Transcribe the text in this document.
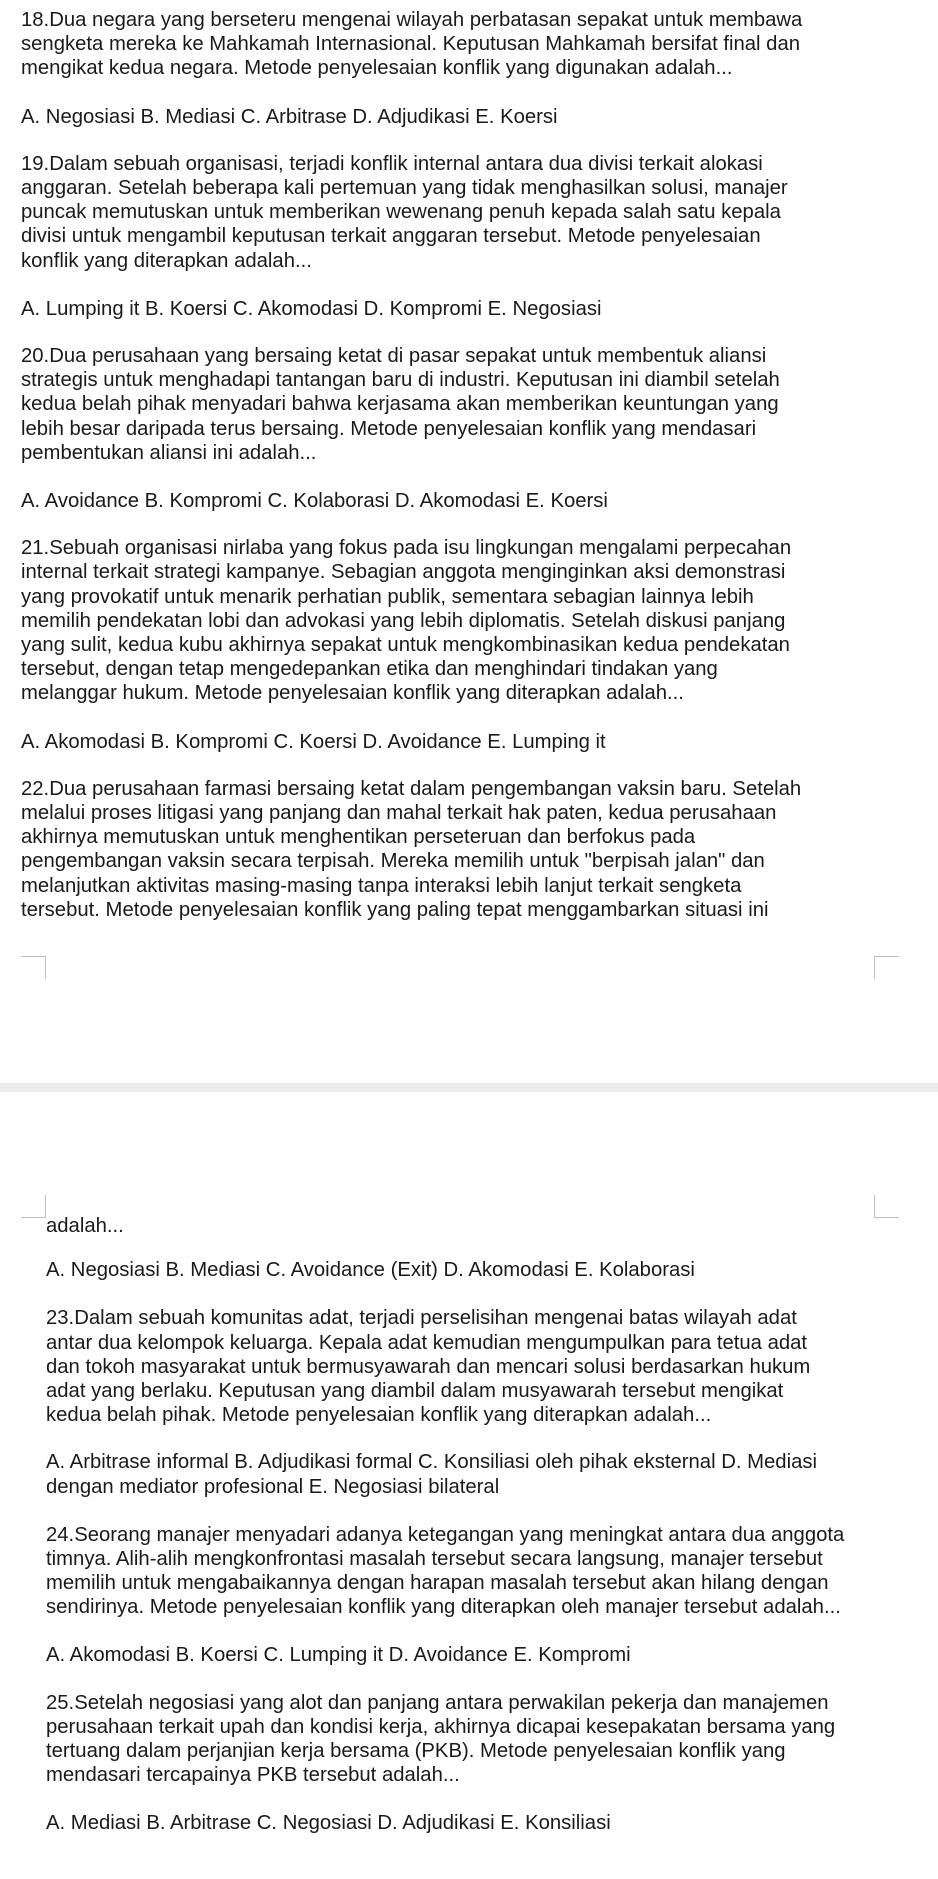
18.Dua negara yang berseteru mengenai wilayah perbatasan sepakat untuk membawa
sengketa mereka ke Mahkamah Internasional. Keputusan Mahkamah bersifat final dan
mengikat kedua negara. Metode penyelesaian konflik yang digunakan adalah...

A. Negosiasi B. Mediasi C. Arbitrase D. Adjudikasi E. Koersi

19.Dalam sebuah organisasi, terjadi konflik internal antara dua divisi terkait alokasi
anggaran. Setelah beberapa kali pertemuan yang tidak menghasilkan solusi, manajer
puncak memutuskan untuk memberikan wewenang penuh kepada salah satu kepala
divisi untuk mengambil keputusan terkait anggaran tersebut. Metode penyelesaian
konflik yang diterapkan adalah...

A. Lumping it B. Koersi C. Akomodasi D. Kompromi E. Negosiasi

20.Dua perusahaan yang bersaing ketat di pasar sepakat untuk membentuk aliansi
strategis untuk menghadapi tantangan baru di industri. Keputusan ini diambil setelah
kedua belah pihak menyadari bahwa kerjasama akan memberikan keuntungan yang
lebih besar daripada terus bersaing. Metode penyelesaian konflik yang mendasari
pembentukan aliansi ini adalah...

A. Avoidance B. Kompromi C. Kolaborasi D. Akomodasi E. Koersi

21.Sebuah organisasi nirlaba yang fokus pada isu lingkungan mengalami perpecahan
internal terkait strategi kampanye. Sebagian anggota menginginkan aksi demonstrasi
yang provokatif untuk menarik perhatian publik, sementara sebagian lainnya lebih
memilih pendekatan lobi dan advokasi yang lebih diplomatis. Setelah diskusi panjang
yang sulit, kedua kubu akhirnya sepakat untuk mengkombinasikan kedua pendekatan
tersebut, dengan tetap mengedepankan etika dan menghindari tindakan yang
melanggar hukum. Metode penyelesaian konflik yang diterapkan adalah...

A. Akomodasi B. Kompromi C. Koersi D. Avoidance E. Lumping it

22.Dua perusahaan farmasi bersaing ketat dalam pengembangan vaksin baru. Setelah
melalui proses litigasi yang panjang dan mahal terkait hak paten, kedua perusahaan
akhirnya memutuskan untuk menghentikan perseteruan dan berfokus pada
pengembangan vaksin secara terpisah. Mereka memilih untuk "berpisah jalan" dan
melanjutkan aktivitas masing-masing tanpa interaksi lebih lanjut terkait sengketa
tersebut. Metode penyelesaian konflik yang paling tepat menggambarkan situasi ini

adalah...

A. Negosiasi B. Mediasi C. Avoidance (Exit) D. Akomodasi E. Kolaborasi

23.Dalam sebuah komunitas adat, terjadi perselisihan mengenai batas wilayah adat
antar dua kelompok keluarga. Kepala adat kemudian mengumpulkan para tetua adat
dan tokoh masyarakat untuk bermusyawarah dan mencari solusi berdasarkan hukum
adat yang berlaku. Keputusan yang diambil dalam musyawarah tersebut mengikat
kedua belah pihak. Metode penyelesaian konflik yang diterapkan adalah...

A. Arbitrase informal B. Adjudikasi formal C. Konsiliasi oleh pihak eksternal D. Mediasi
dengan mediator profesional E. Negosiasi bilateral

24.Seorang manajer menyadari adanya ketegangan yang meningkat antara dua anggota
timnya. Alih-alih mengkonfrontasi masalah tersebut secara langsung, manajer tersebut
memilih untuk mengabaikannya dengan harapan masalah tersebut akan hilang dengan
sendirinya. Metode penyelesaian konflik yang diterapkan oleh manajer tersebut adalah...

A. Akomodasi B. Koersi C. Lumping it D. Avoidance E. Kompromi

25.Setelah negosiasi yang alot dan panjang antara perwakilan pekerja dan manajemen
perusahaan terkait upah dan kondisi kerja, akhirnya dicapai kesepakatan bersama yang
tertuang dalam perjanjian kerja bersama (PKB). Metode penyelesaian konflik yang
mendasari tercapainya PKB tersebut adalah...

A. Mediasi B. Arbitrase C. Negosiasi D. Adjudikasi E. Konsiliasi
